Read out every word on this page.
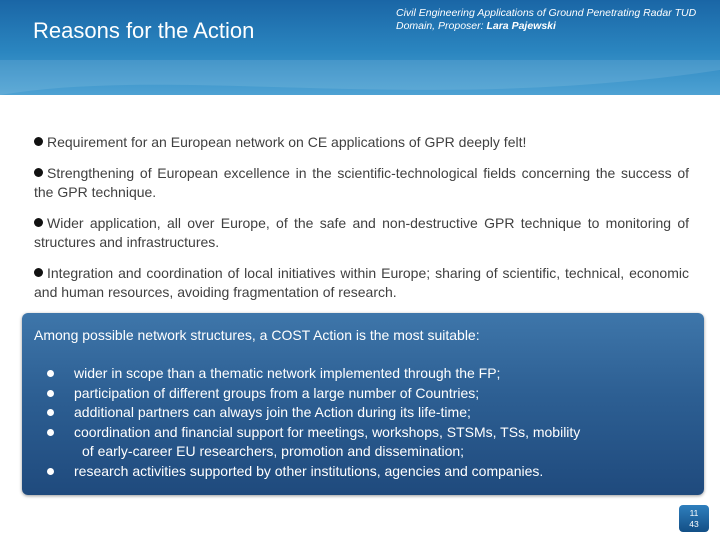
Reasons for the Action
Civil Engineering Applications of Ground Penetrating Radar TUD
Domain, Proposer: Lara Pajewski
Requirement for an European network on CE applications of GPR deeply felt!
Strengthening of European excellence in the scientific-technological fields concerning the success of the GPR technique.
Wider application, all over Europe, of the safe and non-destructive GPR technique to monitoring of structures and infrastructures.
Integration and coordination of local initiatives within Europe; sharing of scientific, technical, economic and human resources, avoiding fragmentation of research.
Among possible network structures, a COST Action is the most suitable:
wider in scope than a thematic network implemented through the FP;
participation of different groups from a large number of Countries;
additional partners can always join the Action during its life-time;
coordination and financial support for meetings, workshops, STSMs, TSs, mobility
of early-career EU researchers, promotion and dissemination;
research activities supported by other institutions, agencies and companies.
11
43
